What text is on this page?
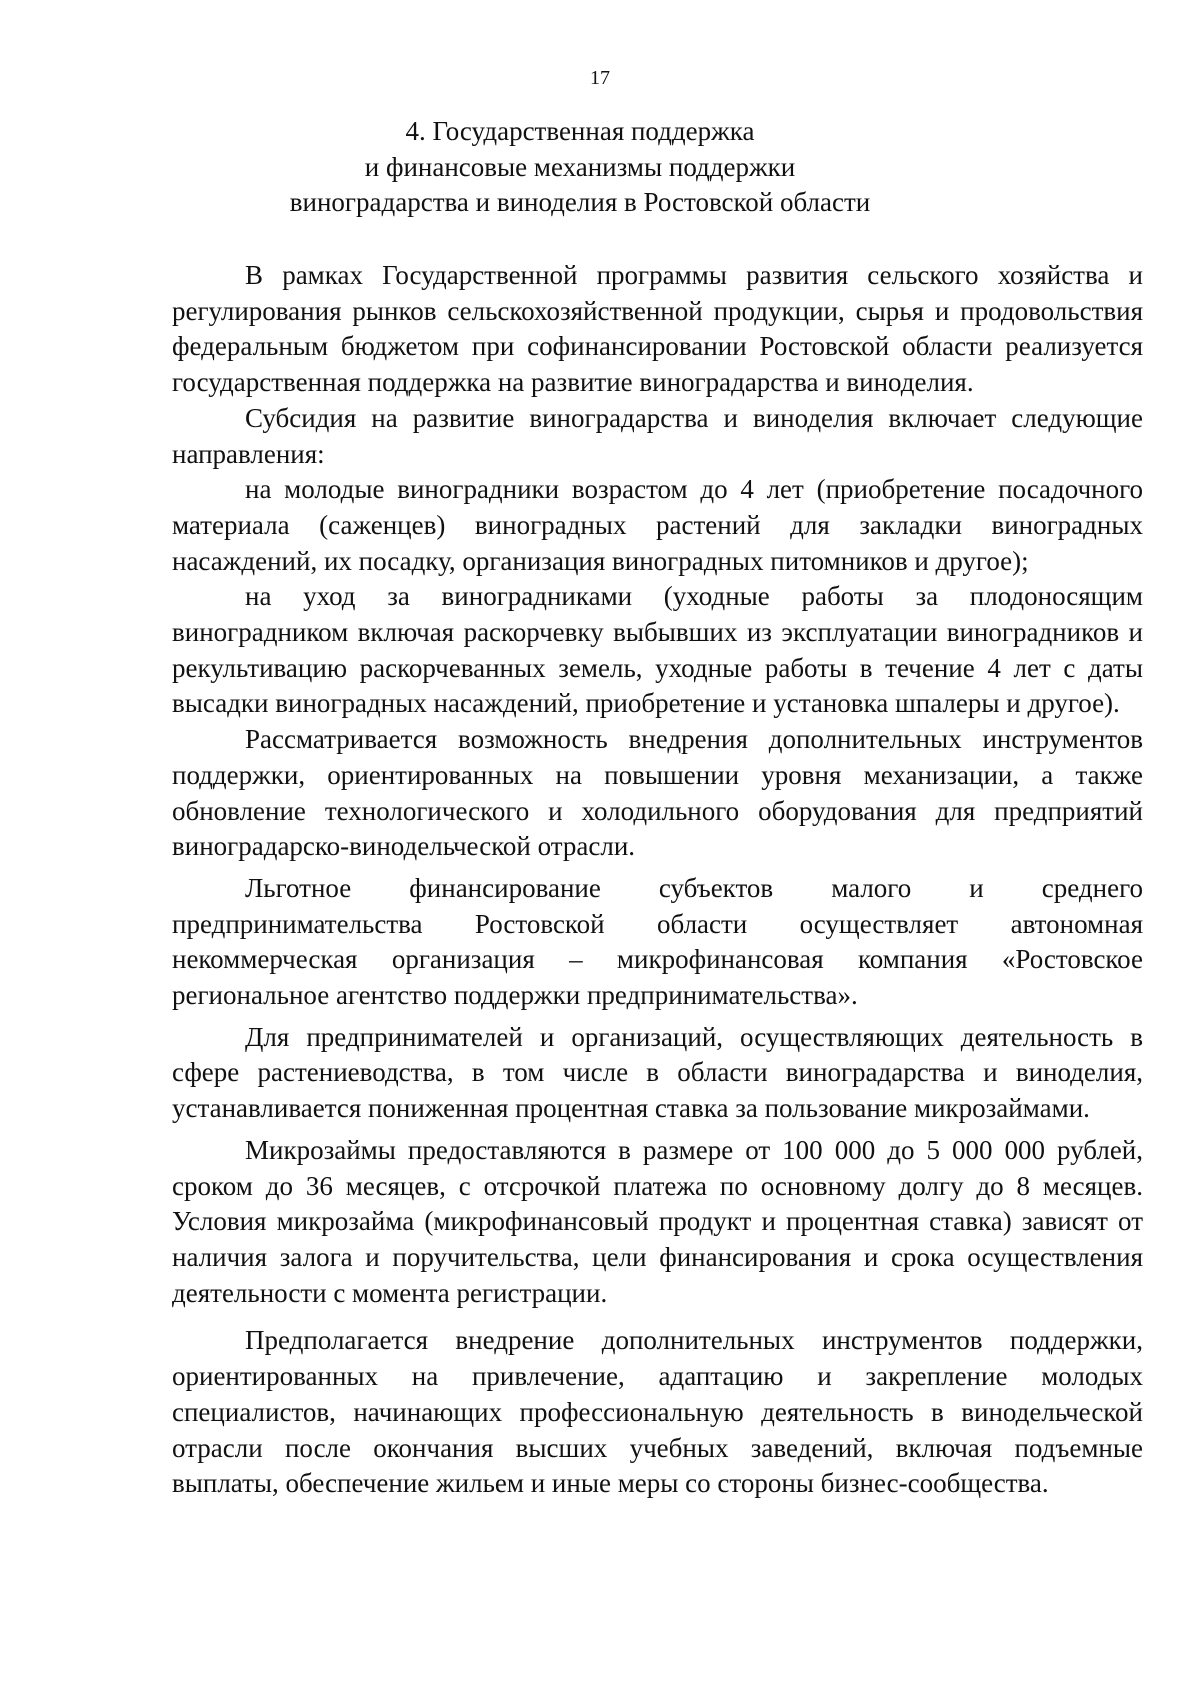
17
4. Государственная поддержка
и финансовые механизмы поддержки
виноградарства и виноделия в Ростовской области

В рамках Государственной программы развития сельского хозяйства и регулирования рынков сельскохозяйственной продукции, сырья и продовольствия федеральным бюджетом при софинансировании Ростовской области реализуется государственная поддержка на развитие виноградарства и виноделия.

Субсидия на развитие виноградарства и виноделия включает следующие направления:

на молодые виноградники возрастом до 4 лет (приобретение посадочного материала (саженцев) виноградных растений для закладки виноградных насаждений, их посадку, организация виноградных питомников и другое);

на уход за виноградниками (уходные работы за плодоносящим виноградником включая раскорчевку выбывших из эксплуатации виноградников и рекультивацию раскорчеванных земель, уходные работы в течение 4 лет с даты высадки виноградных насаждений, приобретение и установка шпалеры и другое).

Рассматривается возможность внедрения дополнительных инструментов поддержки, ориентированных на повышении уровня механизации, а также обновление технологического и холодильного оборудования для предприятий виноградарско-винодельческой отрасли.

Льготное финансирование субъектов малого и среднего предпринимательства Ростовской области осуществляет автономная некоммерческая организация – микрофинансовая компания «Ростовское региональное агентство поддержки предпринимательства».

Для предпринимателей и организаций, осуществляющих деятельность в сфере растениеводства, в том числе в области виноградарства и виноделия, устанавливается пониженная процентная ставка за пользование микрозаймами.

Микрозаймы предоставляются в размере от 100 000 до 5 000 000 рублей, сроком до 36 месяцев, с отсрочкой платежа по основному долгу до 8 месяцев. Условия микрозайма (микрофинансовый продукт и процентная ставка) зависят от наличия залога и поручительства, цели финансирования и срока осуществления деятельности с момента регистрации.

Предполагается внедрение дополнительных инструментов поддержки, ориентированных на привлечение, адаптацию и закрепление молодых специалистов, начинающих профессиональную деятельность в винодельческой отрасли после окончания высших учебных заведений, включая подъемные выплаты, обеспечение жильем и иные меры со стороны бизнес-сообщества.
